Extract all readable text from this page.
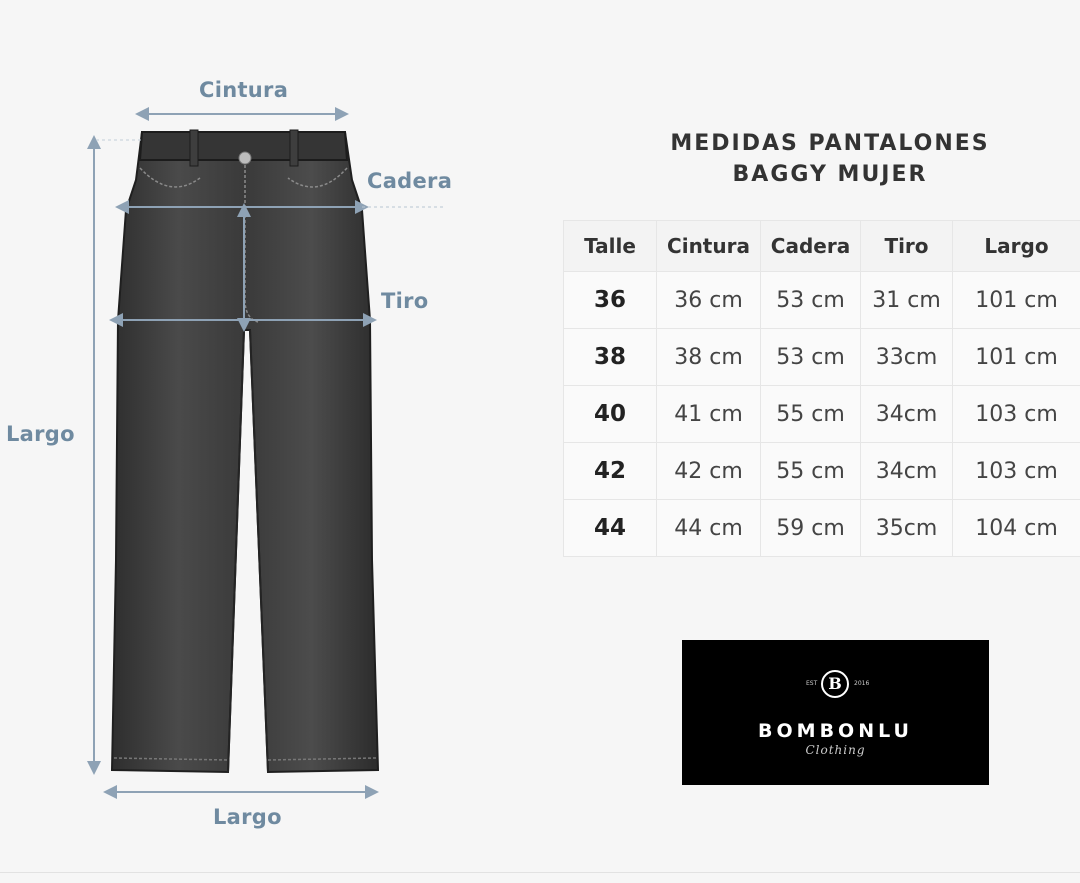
Cintura
Cadera
Tiro
Largo
Largo
MEDIDAS PANTALONES
BAGGY MUJER
Talle	Cintura	Cadera	Tiro	Largo
36	36 cm	53 cm	31 cm	101 cm
38	38 cm	53 cm	33cm	101 cm
40	41 cm	55 cm	34cm	103 cm
42	42 cm	55 cm	34cm	103 cm
44	44 cm	59 cm	35cm	104 cm
B
EST	2016
BOMBONLU
Clothing
